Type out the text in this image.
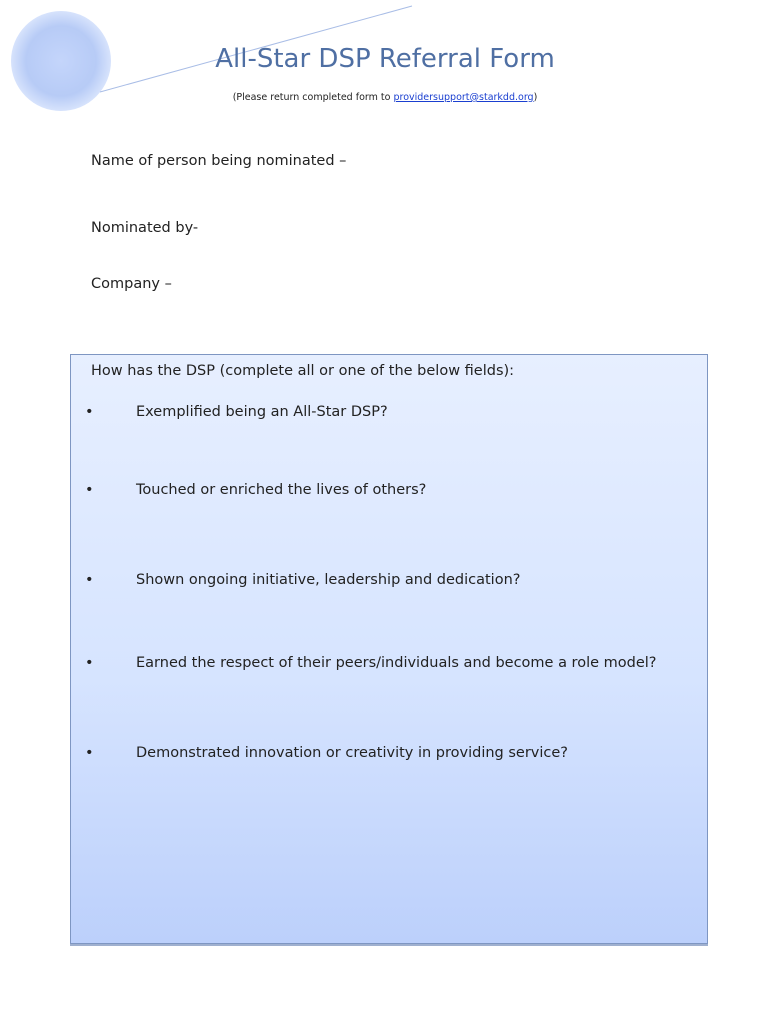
All-Star DSP Referral Form
(Please return completed form to providersupport@starkdd.org)
Name of person being nominated –
Nominated by-
Company –
How has the DSP (complete all or one of the below fields):
•	Exemplified being an All-Star DSP?
•	Touched or enriched the lives of others?
•	Shown ongoing initiative, leadership and dedication?
•	Earned the respect of their peers/individuals and become a role model?
•	Demonstrated innovation or creativity in providing service?
